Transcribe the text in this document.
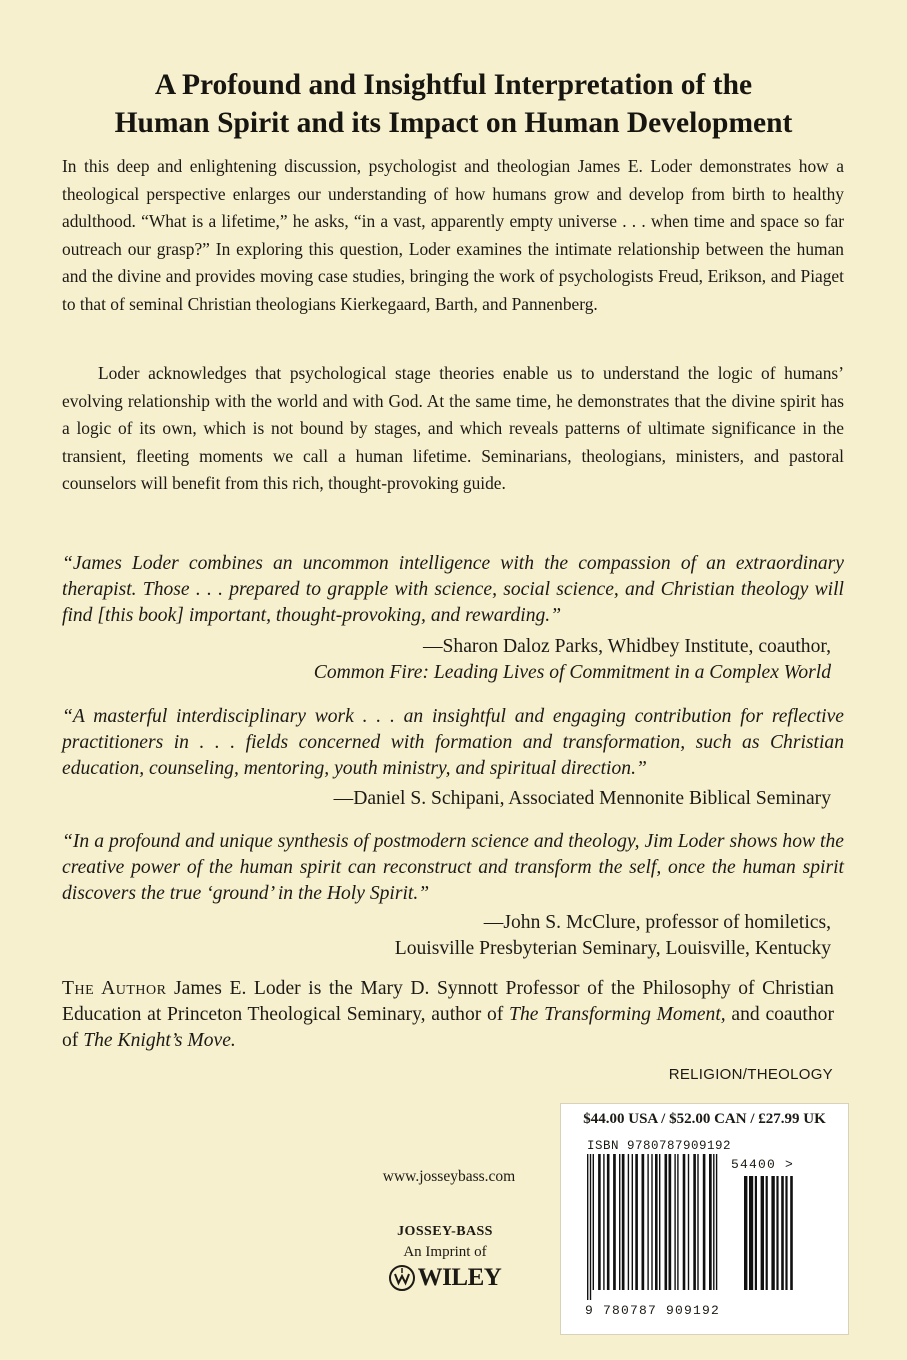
A Profound and Insightful Interpretation of the
Human Spirit and its Impact on Human Development

In this deep and enlightening discussion, psychologist and theologian James E. Loder demonstrates how a theological perspective enlarges our understanding of how humans grow and develop from birth to healthy adulthood. “What is a lifetime,” he asks, “in a vast, apparently empty universe . . . when time and space so far outreach our grasp?” In exploring this question, Loder examines the intimate relationship between the human and the divine and provides moving case studies, bringing the work of psychologists Freud, Erikson, and Piaget to that of seminal Christian theologians Kierkegaard, Barth, and Pannenberg.

Loder acknowledges that psychological stage theories enable us to understand the logic of humans’ evolving relationship with the world and with God. At the same time, he demonstrates that the divine spirit has a logic of its own, which is not bound by stages, and which reveals patterns of ultimate significance in the transient, fleeting moments we call a human lifetime. Seminarians, theologians, ministers, and pastoral counselors will benefit from this rich, thought-provoking guide.

“James Loder combines an uncommon intelligence with the compassion of an extraordinary therapist. Those . . . prepared to grapple with science, social science, and Christian theology will find [this book] important, thought-provoking, and rewarding.”

—Sharon Daloz Parks, Whidbey Institute, coauthor,
Common Fire: Leading Lives of Commitment in a Complex World

“A masterful interdisciplinary work . . . an insightful and engaging contribution for reflective practitioners in . . . fields concerned with formation and transformation, such as Christian education, counseling, mentoring, youth ministry, and spiritual direction.”

—Daniel S. Schipani, Associated Mennonite Biblical Seminary

“In a profound and unique synthesis of postmodern science and theology, Jim Loder shows how the creative power of the human spirit can reconstruct and transform the self, once the human spirit discovers the true ‘ground’ in the Holy Spirit.”

—John S. McClure, professor of homiletics,
Louisville Presbyterian Seminary, Louisville, Kentucky

The Author James E. Loder is the Mary D. Synnott Professor of the Philosophy of Christian Education at Princeton Theological Seminary, author of The Transforming Moment, and coauthor of The Knight’s Move.

RELIGION/THEOLOGY
www.josseybass.com
JOSSEY-BASS
An Imprint of
WILEY
$44.00 USA / $52.00 CAN / £27.99 UK
ISBN 9780787909192
54400 >
9 780787 909192
